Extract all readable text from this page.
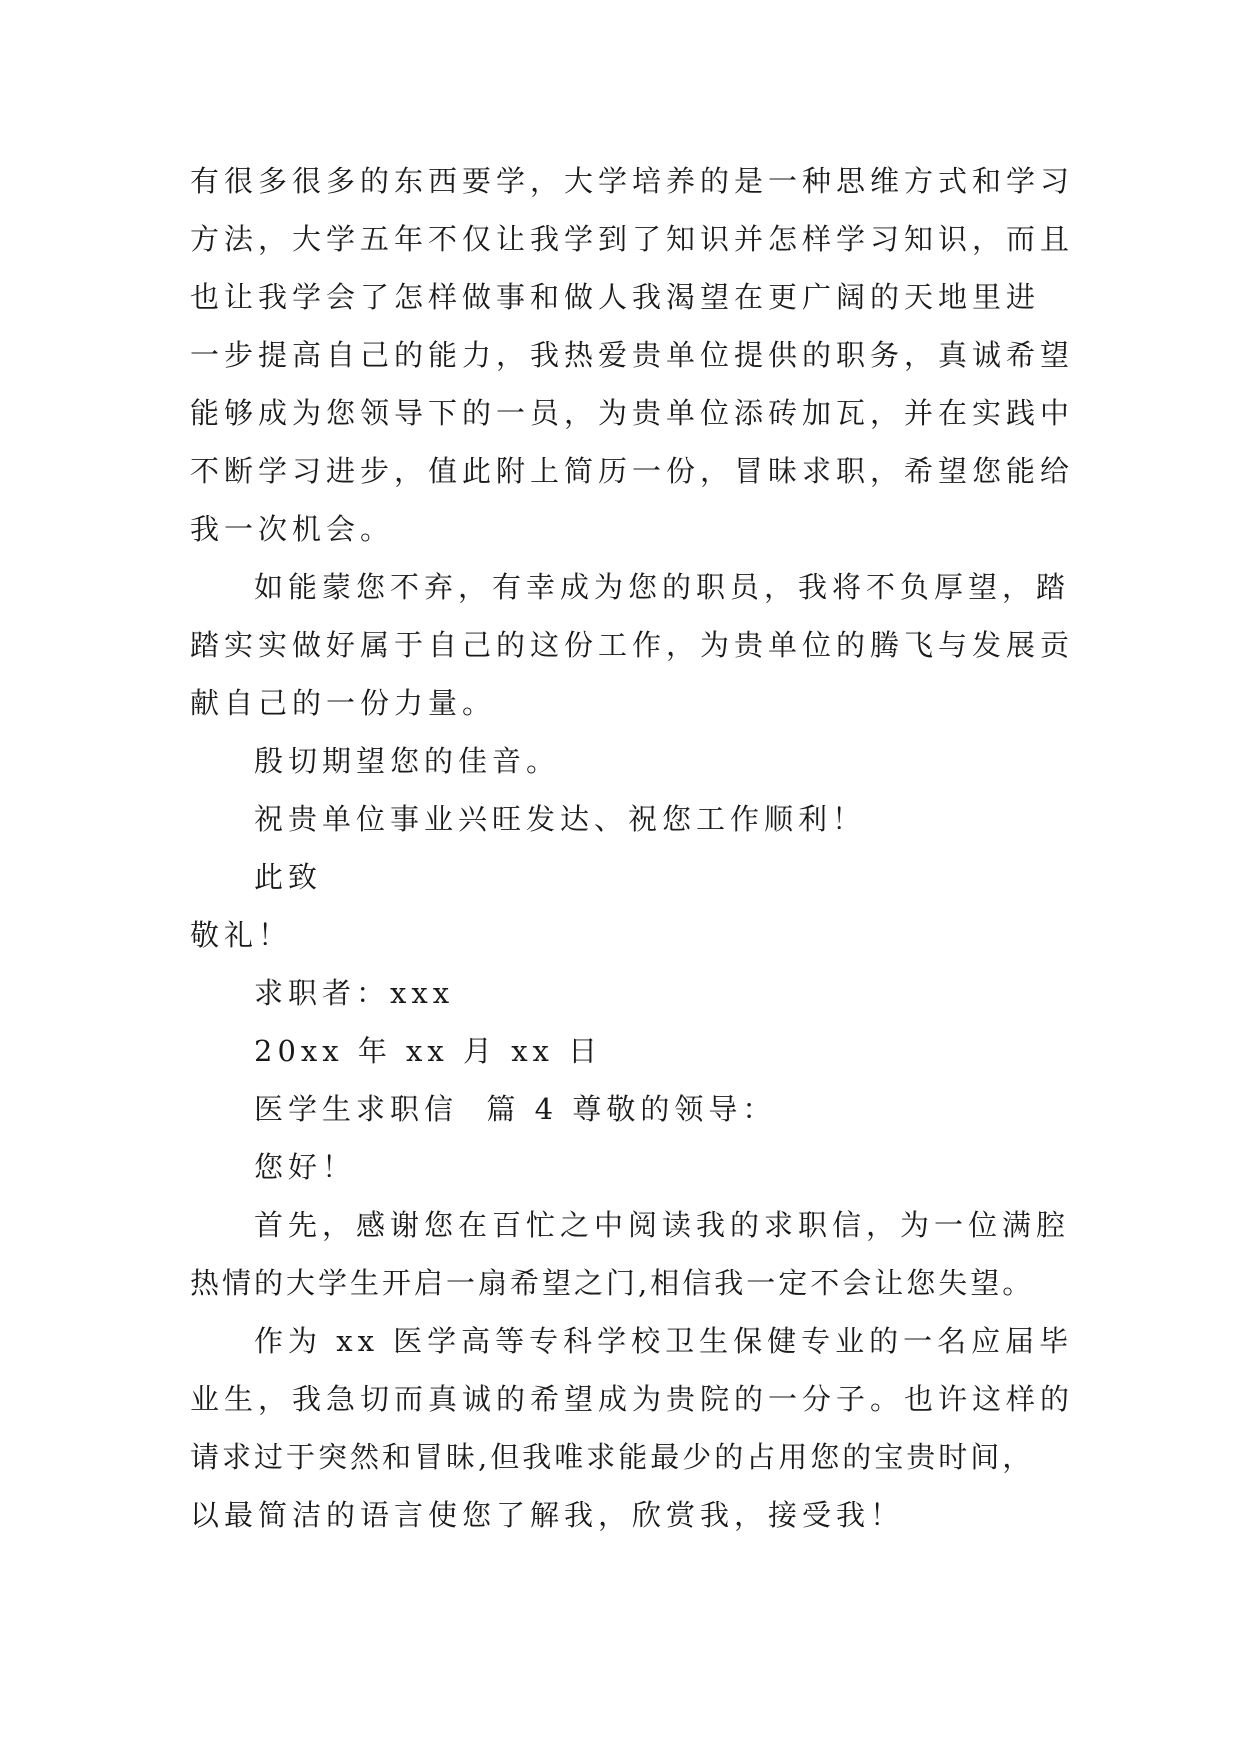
有很多很多的东西要学，大学培养的是一种思维方式和学习
方法，大学五年不仅让我学到了知识并怎样学习知识，而且
也让我学会了怎样做事和做人我渴望在更广阔的天地里进
一步提高自己的能力，我热爱贵单位提供的职务，真诚希望
能够成为您领导下的一员，为贵单位添砖加瓦，并在实践中
不断学习进步，值此附上简历一份，冒昧求职，希望您能给
我一次机会。
如能蒙您不弃，有幸成为您的职员，我将不负厚望，踏
踏实实做好属于自己的这份工作，为贵单位的腾飞与发展贡
献自己的一份力量。
殷切期望您的佳音。
祝贵单位事业兴旺发达、祝您工作顺利！
此致
敬礼！
求职者：xxx
20xx 年 xx 月 xx 日
医学生求职信  篇 4 尊敬的领导：
您好！
首先，感谢您在百忙之中阅读我的求职信，为一位满腔
热情的大学生开启一扇希望之门,相信我一定不会让您失望。
作为 xx 医学高等专科学校卫生保健专业的一名应届毕
业生，我急切而真诚的希望成为贵院的一分子。也许这样的
请求过于突然和冒昧,但我唯求能最少的占用您的宝贵时间，
以最简洁的语言使您了解我，欣赏我，接受我！
